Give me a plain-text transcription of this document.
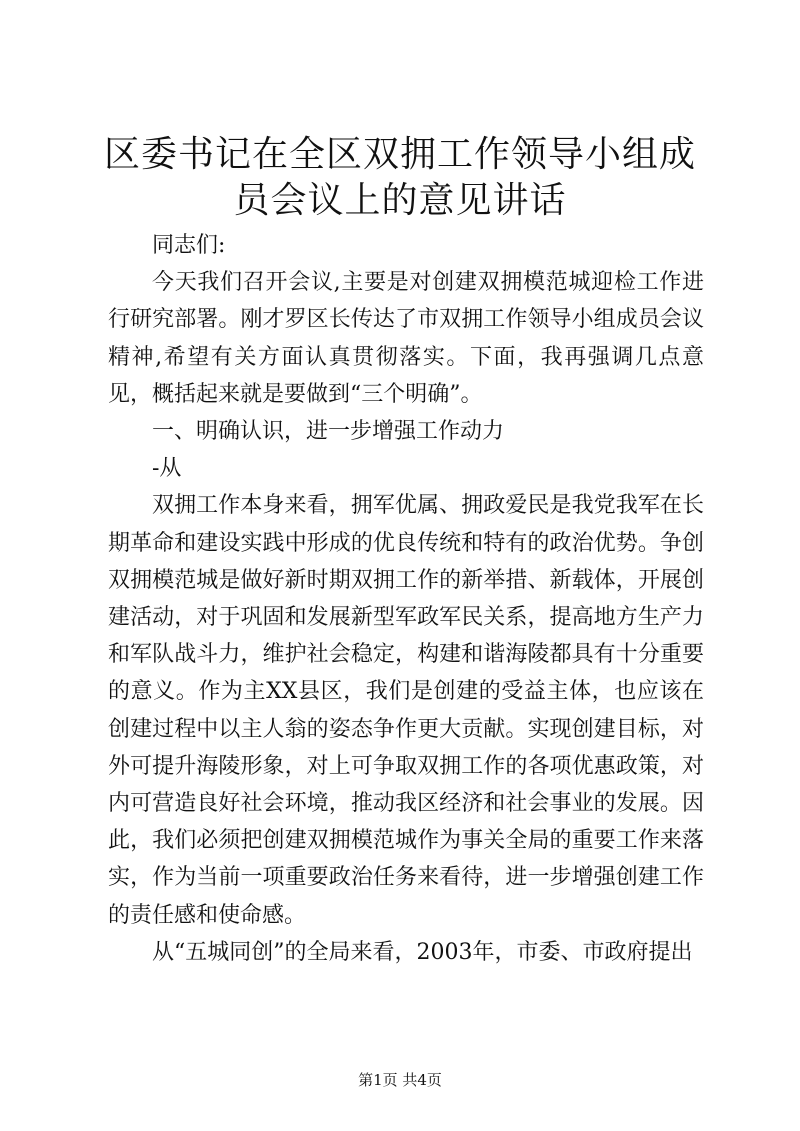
区委书记在全区双拥工作领导小组成员会议上的意见讲话

同志们:

今天我们召开会议,主要是对创建双拥模范城迎检工作进行研究部署。刚才罗区长传达了市双拥工作领导小组成员会议精神,希望有关方面认真贯彻落实。下面，我再强调几点意见，概括起来就是要做到“三个明确”。

一、明确认识，进一步增强工作动力

-从

双拥工作本身来看，拥军优属、拥政爱民是我党我军在长期革命和建设实践中形成的优良传统和特有的政治优势。争创双拥模范城是做好新时期双拥工作的新举措、新载体，开展创建活动，对于巩固和发展新型军政军民关系，提高地方生产力和军队战斗力，维护社会稳定，构建和谐海陵都具有十分重要的意义。作为主XX县区，我们是创建的受益主体，也应该在创建过程中以主人翁的姿态争作更大贡献。实现创建目标，对外可提升海陵形象，对上可争取双拥工作的各项优惠政策，对内可营造良好社会环境，推动我区经济和社会事业的发展。因此，我们必须把创建双拥模范城作为事关全局的重要工作来落实，作为当前一项重要政治任务来看待，进一步增强创建工作的责任感和使命感。

从“五城同创”的全局来看，2003年，市委、市政府提出

第1页 共4页
